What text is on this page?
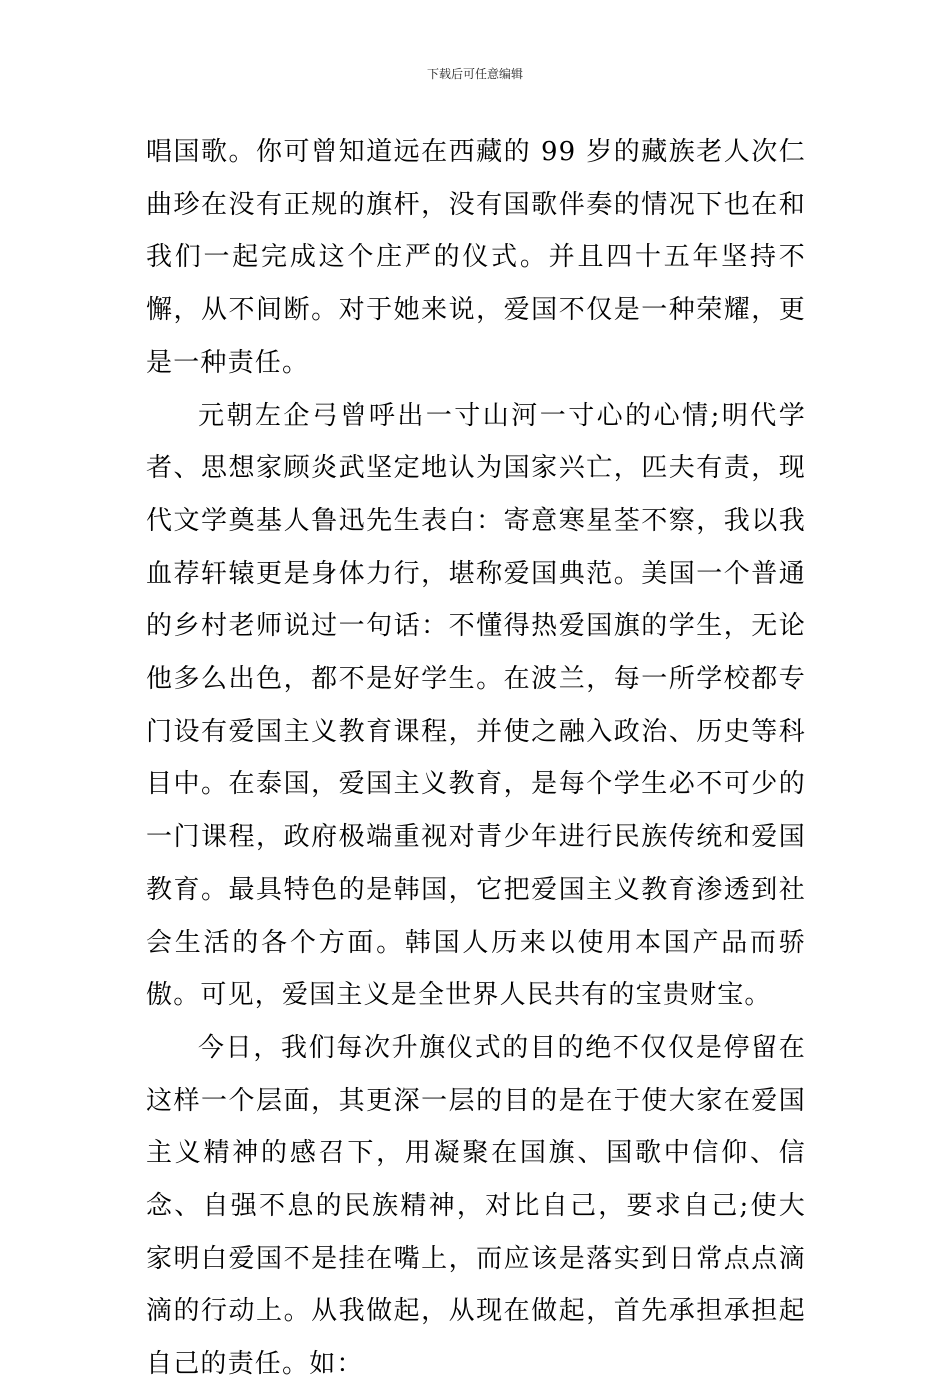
下载后可任意编辑

唱国歌。你可曾知道远在西藏的 99 岁的藏族老人次仁曲珍在没有正规的旗杆，没有国歌伴奏的情况下也在和我们一起完成这个庄严的仪式。并且四十五年坚持不懈，从不间断。对于她来说，爱国不仅是一种荣耀，更是一种责任。

元朝左企弓曾呼出一寸山河一寸心的心情;明代学者、思想家顾炎武坚定地认为国家兴亡，匹夫有责，现代文学奠基人鲁迅先生表白：寄意寒星荃不察，我以我血荐轩辕更是身体力行，堪称爱国典范。美国一个普通的乡村老师说过一句话：不懂得热爱国旗的学生，无论他多么出色，都不是好学生。在波兰，每一所学校都专门设有爱国主义教育课程，并使之融入政治、历史等科目中。在泰国，爱国主义教育，是每个学生必不可少的一门课程，政府极端重视对青少年进行民族传统和爱国教育。最具特色的是韩国，它把爱国主义教育渗透到社会生活的各个方面。韩国人历来以使用本国产品而骄傲。可见，爱国主义是全世界人民共有的宝贵财宝。

今日，我们每次升旗仪式的目的绝不仅仅是停留在这样一个层面，其更深一层的目的是在于使大家在爱国主义精神的感召下，用凝聚在国旗、国歌中信仰、信念、自强不息的民族精神，对比自己，要求自己;使大家明白爱国不是挂在嘴上，而应该是落实到日常点点滴滴的行动上。从我做起，从现在做起，首先承担承担起自己的责任。如：
